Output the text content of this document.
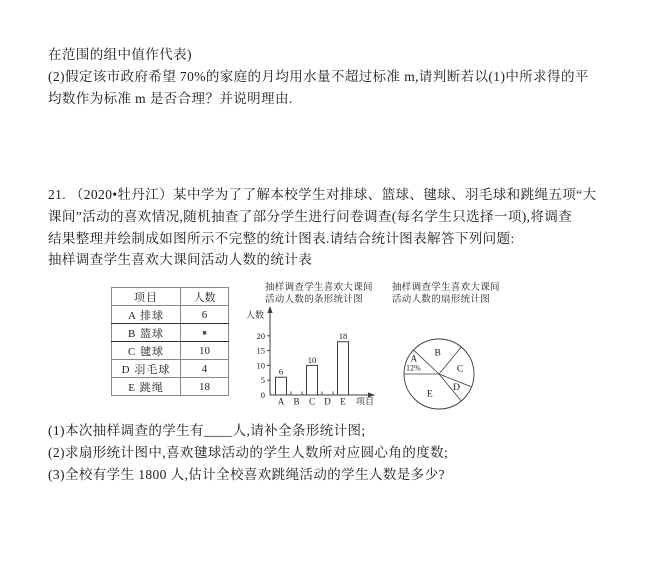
在范围的组中值作代表)
(2)假定该市政府希望 70%的家庭的月均用水量不超过标准 m,请判断若以(1)中所求得的平
均数作为标准 m 是否合理？并说明理由.
21. （2020•牡丹江）某中学为了了解本校学生对排球、篮球、毽球、羽毛球和跳绳五项“大
课间”活动的喜欢情况,随机抽查了部分学生进行问卷调查(每名学生只选择一项),将调查
结果整理并绘制成如图所示不完整的统计图表.请结合统计图表解答下列问题:
抽样调查学生喜欢大课间活动人数的统计表
项目	人数
A 排球	6
B 篮球	■
C 毽球	10
D 羽毛球	4
E 跳绳	18
抽样调查学生喜欢大课间
活动人数的条形统计图
人数
项目
0
5
10
15
20
6
A B
10
C D
18
E
抽样调查学生喜欢大课间
活动人数的扇形统计图
A
12%
B
C
D
E
(1)本次抽样调查的学生有____人,请补全条形统计图;
(2)求扇形统计图中,喜欢毽球活动的学生人数所对应圆心角的度数;
(3)全校有学生 1800 人,估计全校喜欢跳绳活动的学生人数是多少?
